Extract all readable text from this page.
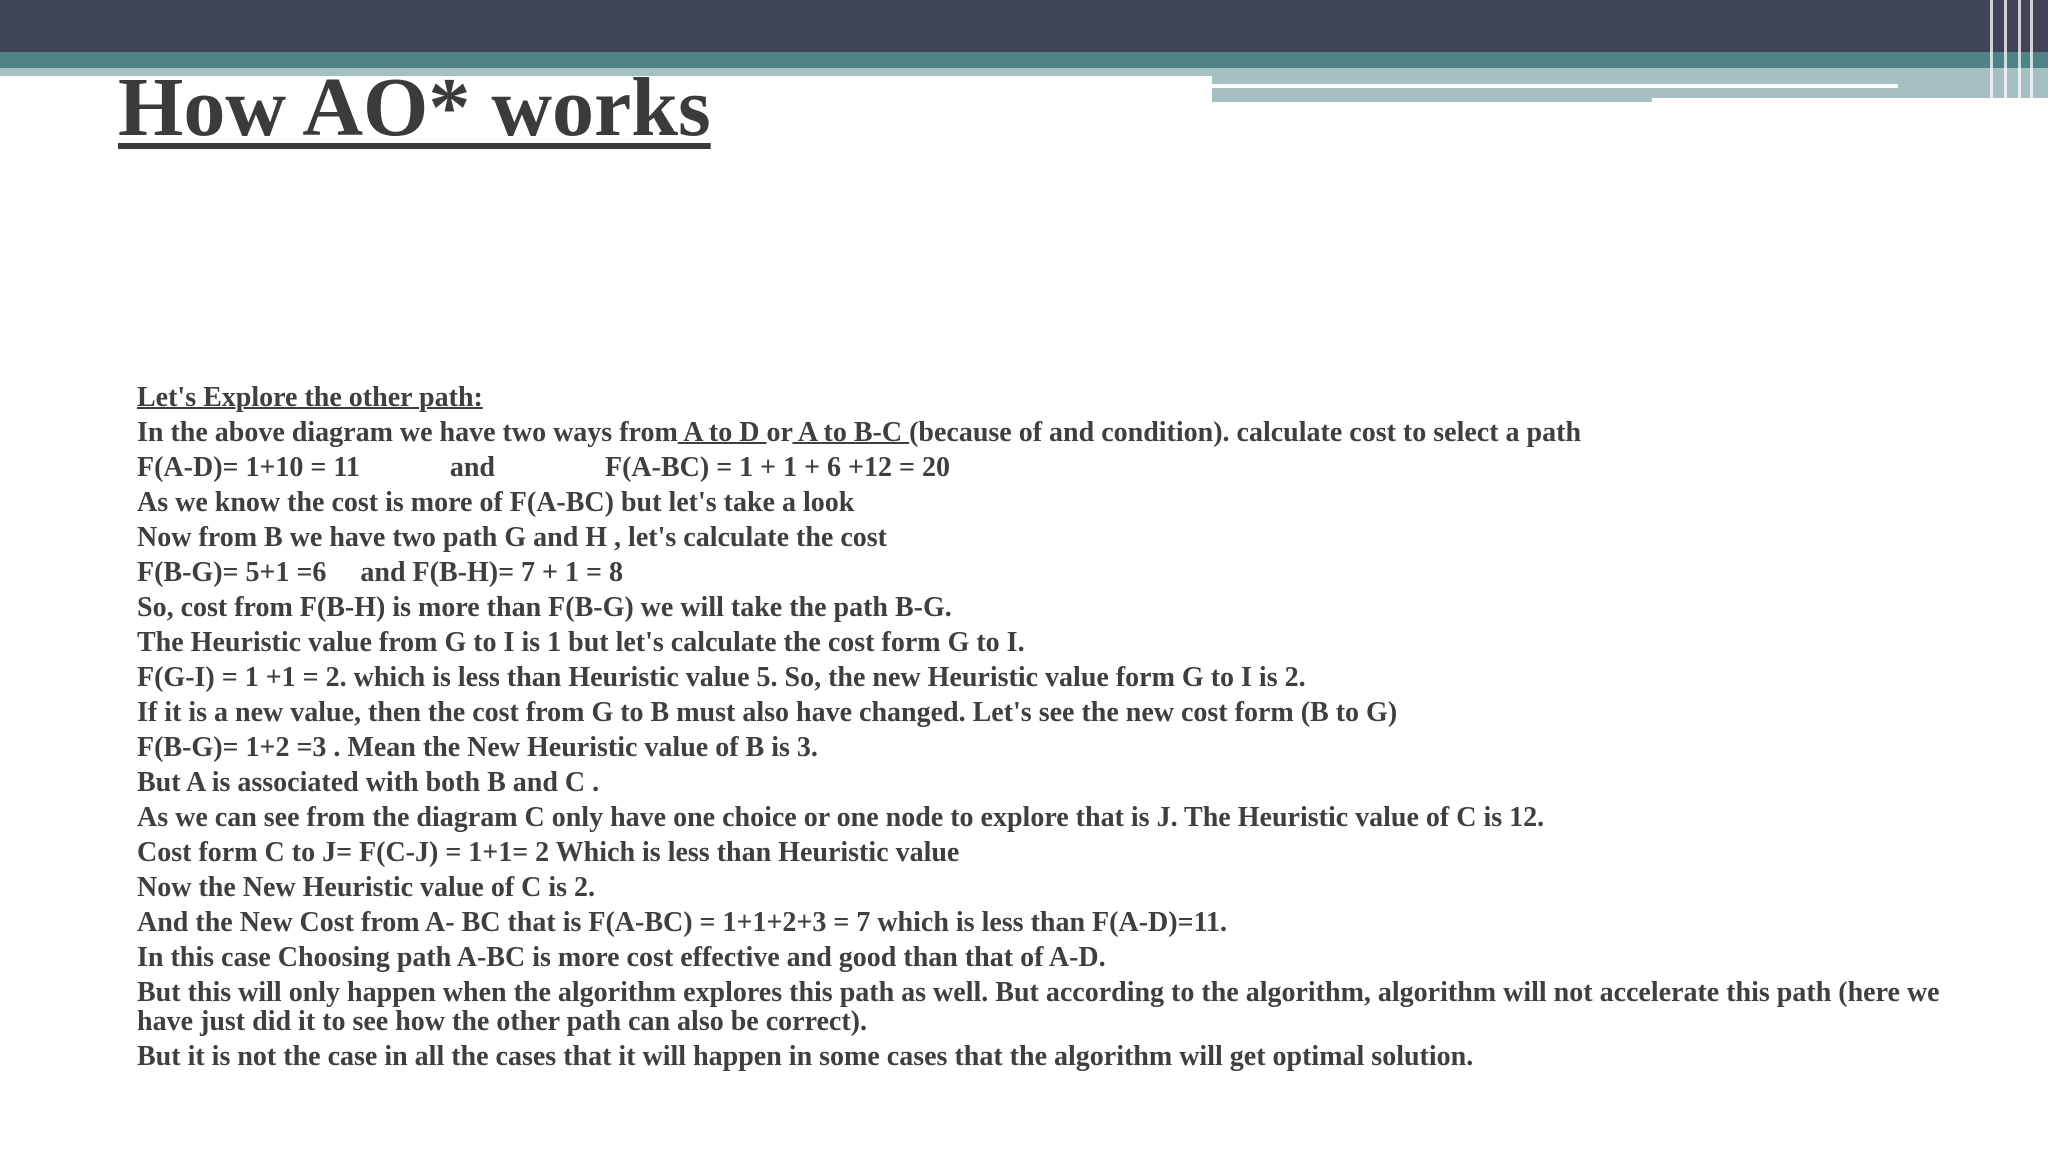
How AO* works
Let's Explore the other path:
In the above diagram we have two ways from A to D or A to B-C (because of and condition). calculate cost to select a path
F(A-D)= 1+10 = 11	and	F(A-BC) = 1 + 1 + 6 +12 = 20
As we know the cost is more of F(A-BC) but let's take a look
Now from B we have two path G and H , let's calculate the cost
F(B-G)= 5+1 =6 and F(B-H)= 7 + 1 = 8
So, cost from F(B-H) is more than F(B-G) we will take the path B-G.
The Heuristic value from G to I is 1 but let's calculate the cost form G to I.
F(G-I) = 1 +1 = 2. which is less than Heuristic value 5. So, the new Heuristic value form G to I is 2.
If it is a new value, then the cost from G to B must also have changed. Let's see the new cost form (B to G)
F(B-G)= 1+2 =3 . Mean the New Heuristic value of B is 3.
But A is associated with both B and C .
As we can see from the diagram C only have one choice or one node to explore that is J. The Heuristic value of C is 12.
Cost form C to J= F(C-J) = 1+1= 2 Which is less than Heuristic value
Now the New Heuristic value of C is 2.
And the New Cost from A- BC that is F(A-BC) = 1+1+2+3 = 7 which is less than F(A-D)=11.
In this case Choosing path A-BC is more cost effective and good than that of A-D.
But this will only happen when the algorithm explores this path as well. But according to the algorithm, algorithm will not accelerate this path (here we have just did it to see how the other path can also be correct).
But it is not the case in all the cases that it will happen in some cases that the algorithm will get optimal solution.
